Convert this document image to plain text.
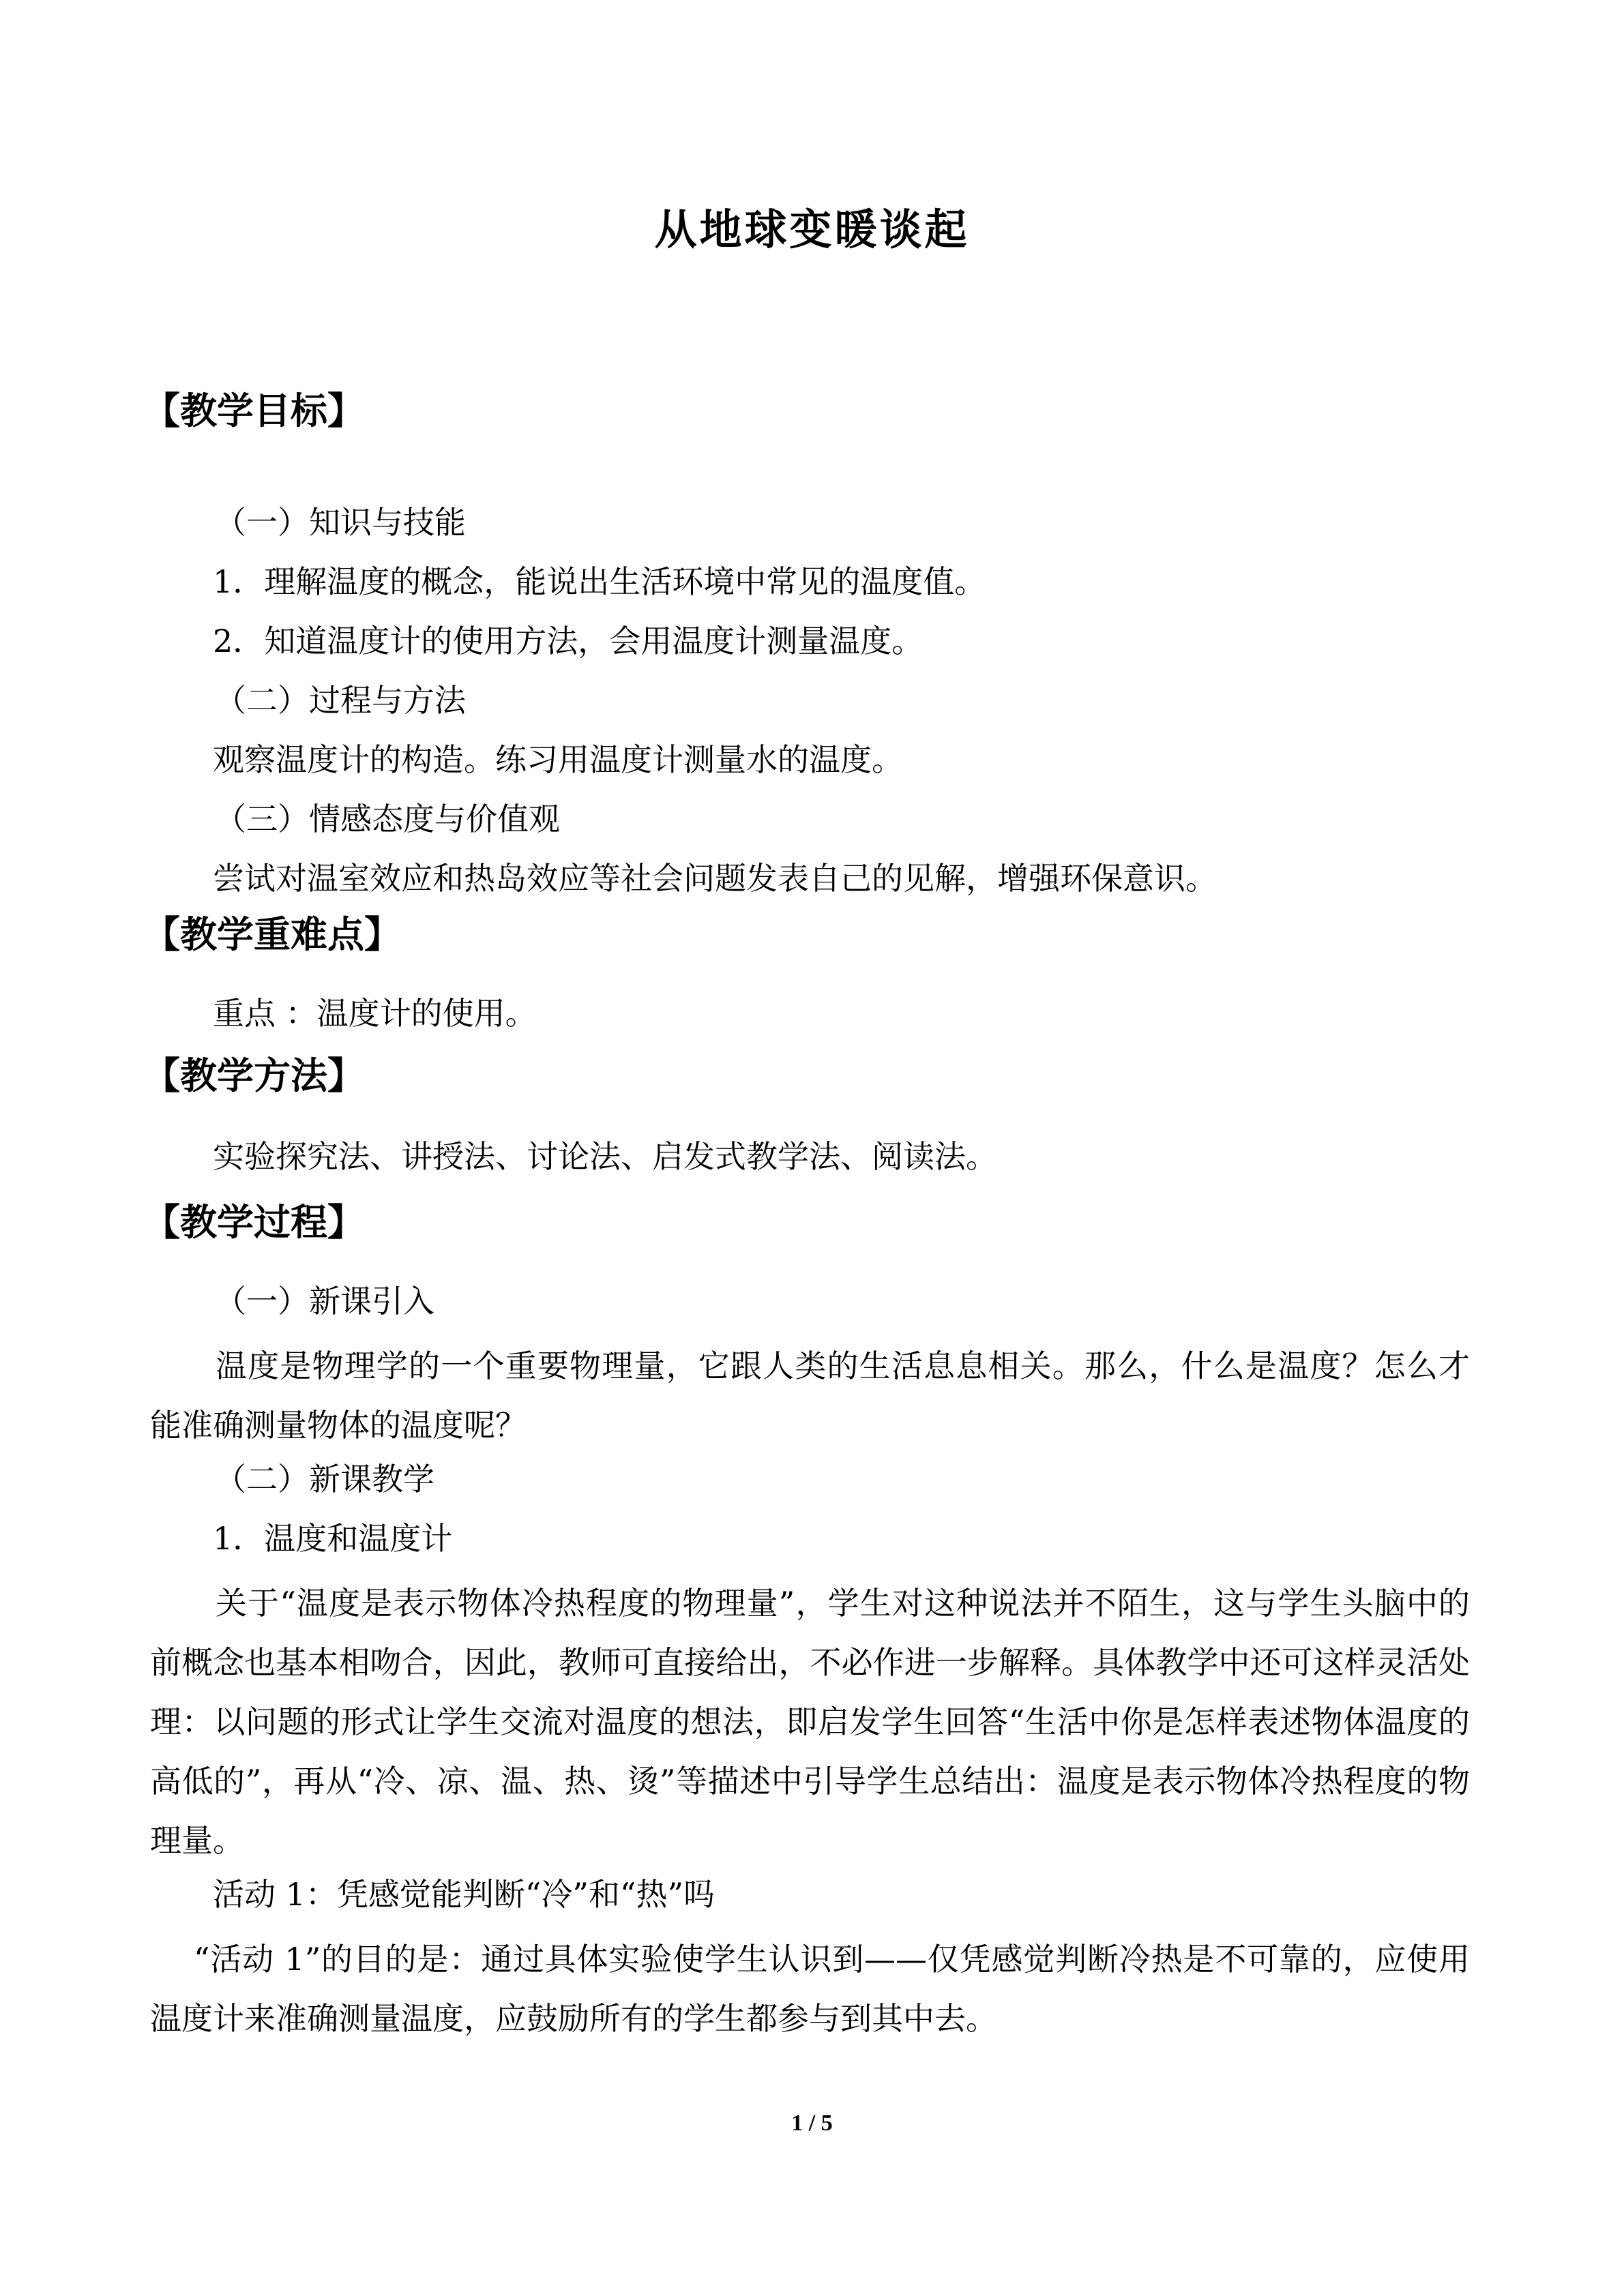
从地球变暖谈起
【教学目标】
（一）知识与技能
1．理解温度的概念，能说出生活环境中常见的温度值。
2．知道温度计的使用方法，会用温度计测量温度。
（二）过程与方法
观察温度计的构造。练习用温度计测量水的温度。
（三）情感态度与价值观
尝试对温室效应和热岛效应等社会问题发表自己的见解，增强环保意识。
【教学重难点】
重点 ：温度计的使用。
【教学方法】
实验探究法、讲授法、讨论法、启发式教学法、阅读法。
【教学过程】
（一）新课引入
温度是物理学的一个重要物理量，它跟人类的生活息息相关。那么，什么是温度？怎么才能准确测量物体的温度呢？
（二）新课教学
1．温度和温度计
关于“温度是表示物体冷热程度的物理量”，学生对这种说法并不陌生，这与学生头脑中的前概念也基本相吻合，因此，教师可直接给出，不必作进一步解释。具体教学中还可这样灵活处理：以问题的形式让学生交流对温度的想法，即启发学生回答“生活中你是怎样表述物体温度的高低的”，再从“冷、凉、温、热、烫”等描述中引导学生总结出：温度是表示物体冷热程度的物理量。
活动 1：凭感觉能判断“冷”和“热”吗
“活动 1”的目的是：通过具体实验使学生认识到——仅凭感觉判断冷热是不可靠的，应使用温度计来准确测量温度，应鼓励所有的学生都参与到其中去。
1 / 5
